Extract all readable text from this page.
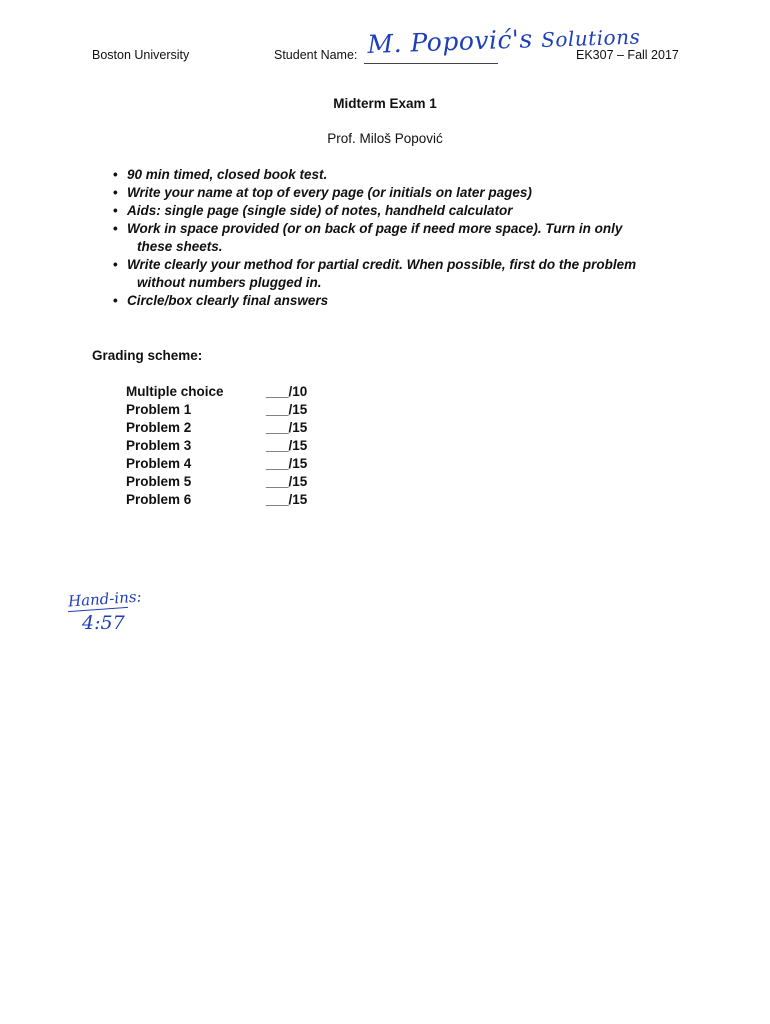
Boston University	Student Name: M. Popović's Solutions
EK307 – Fall 2017
Midterm Exam 1
Prof. Miloš Popović
• 90 min timed, closed book test.
• Write your name at top of every page (or initials on later pages)
• Aids: single page (single side) of notes, handheld calculator
• Work in space provided (or on back of page if need more space). Turn in only
these sheets.
• Write clearly your method for partial credit. When possible, first do the problem
without numbers plugged in.
• Circle/box clearly final answers
Grading scheme:
Multiple choice	___/10
Problem 1	___/15
Problem 2	___/15
Problem 3	___/15
Problem 4	___/15
Problem 5	___/15
Problem 6	___/15
Hand-ins:
4:57
